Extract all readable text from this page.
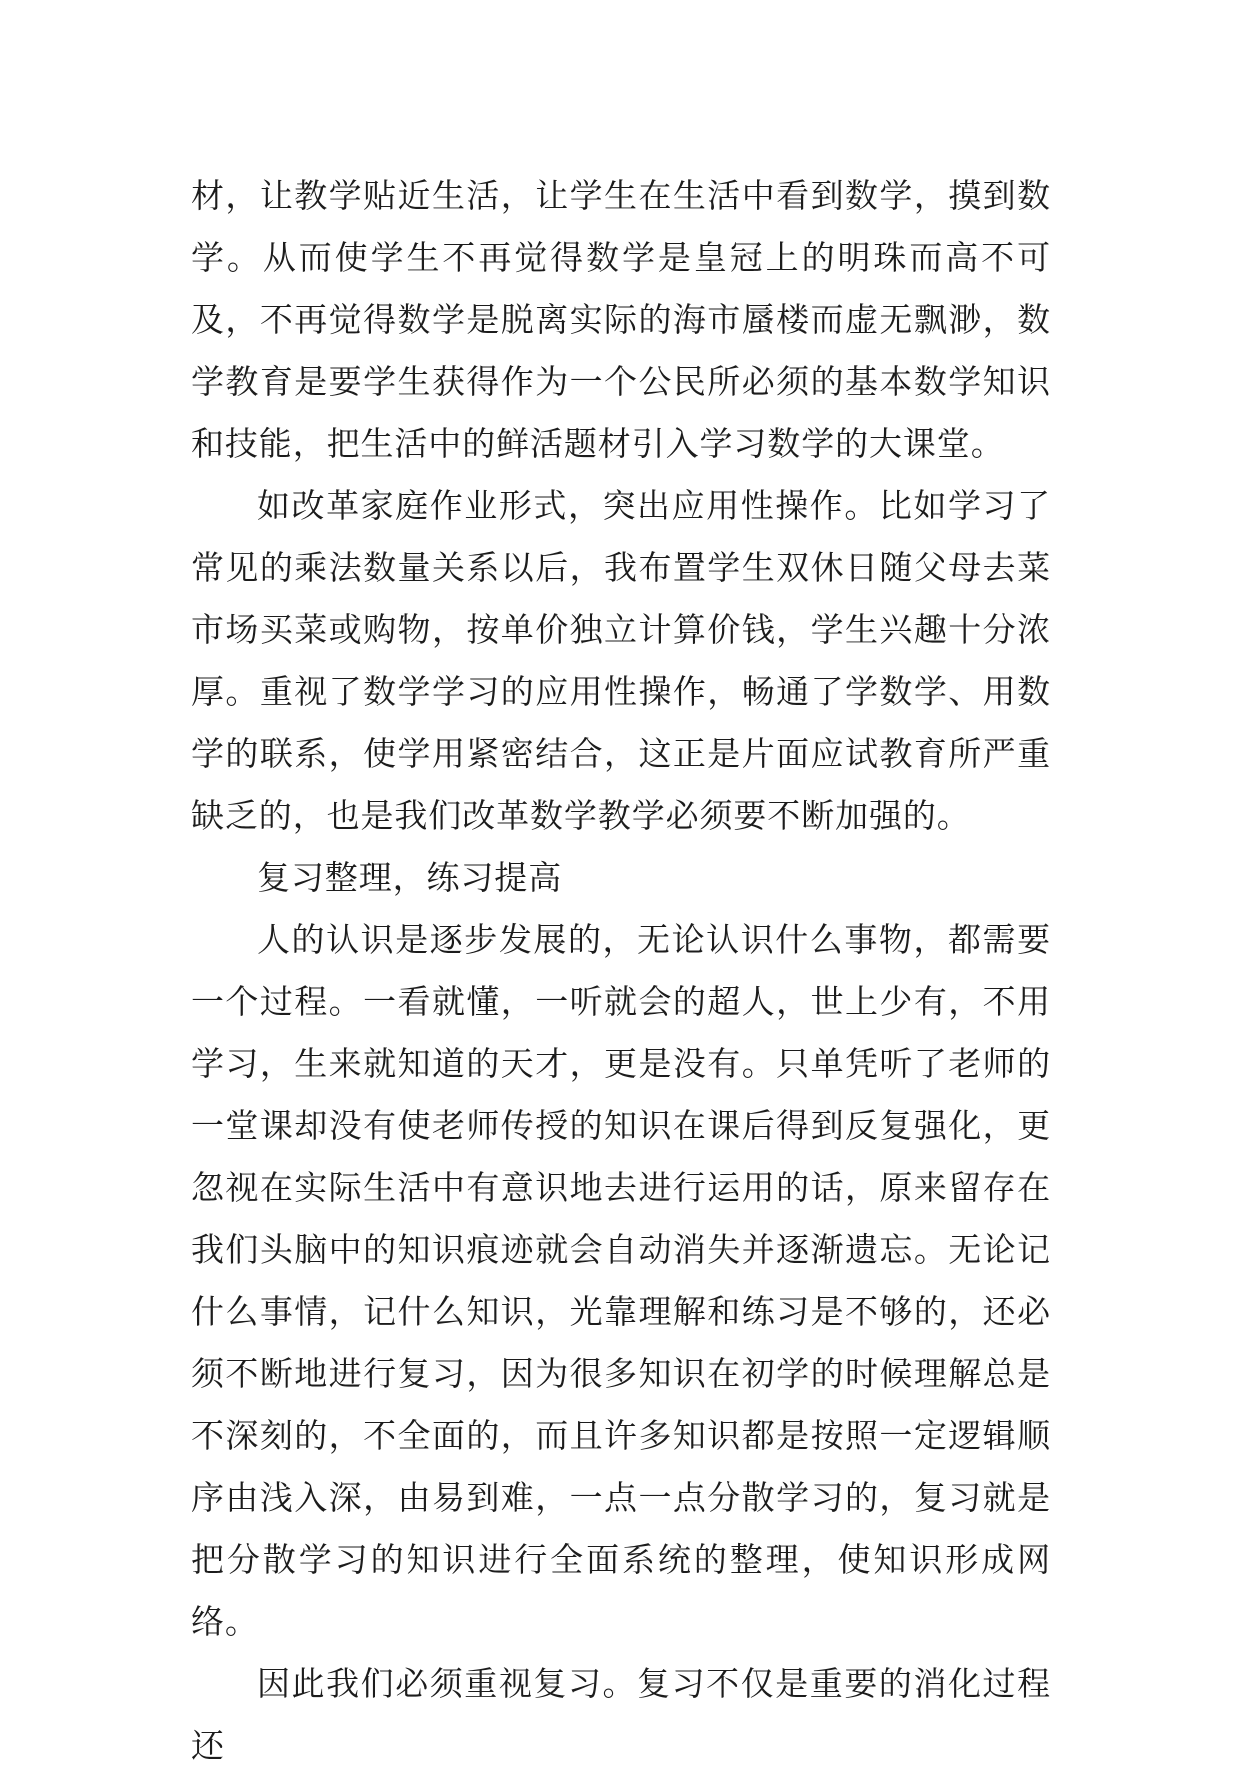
材，让教学贴近生活，让学生在生活中看到数学，摸到数学。从而使学生不再觉得数学是皇冠上的明珠而高不可及，不再觉得数学是脱离实际的海市蜃楼而虚无飘渺，数学教育是要学生获得作为一个公民所必须的基本数学知识和技能，把生活中的鲜活题材引入学习数学的大课堂。

如改革家庭作业形式，突出应用性操作。比如学习了常见的乘法数量关系以后，我布置学生双休日随父母去菜市场买菜或购物，按单价独立计算价钱，学生兴趣十分浓厚。重视了数学学习的应用性操作，畅通了学数学、用数学的联系，使学用紧密结合，这正是片面应试教育所严重缺乏的，也是我们改革数学教学必须要不断加强的。

复习整理，练习提高

人的认识是逐步发展的，无论认识什么事物，都需要一个过程。一看就懂，一听就会的超人，世上少有，不用学习，生来就知道的天才，更是没有。只单凭听了老师的一堂课却没有使老师传授的知识在课后得到反复强化，更忽视在实际生活中有意识地去进行运用的话，原来留存在我们头脑中的知识痕迹就会自动消失并逐渐遗忘。无论记什么事情，记什么知识，光靠理解和练习是不够的，还必须不断地进行复习，因为很多知识在初学的时候理解总是不深刻的，不全面的，而且许多知识都是按照一定逻辑顺序由浅入深，由易到难，一点一点分散学习的，复习就是把分散学习的知识进行全面系统的整理，使知识形成网络。

因此我们必须重视复习。复习不仅是重要的消化过程还
